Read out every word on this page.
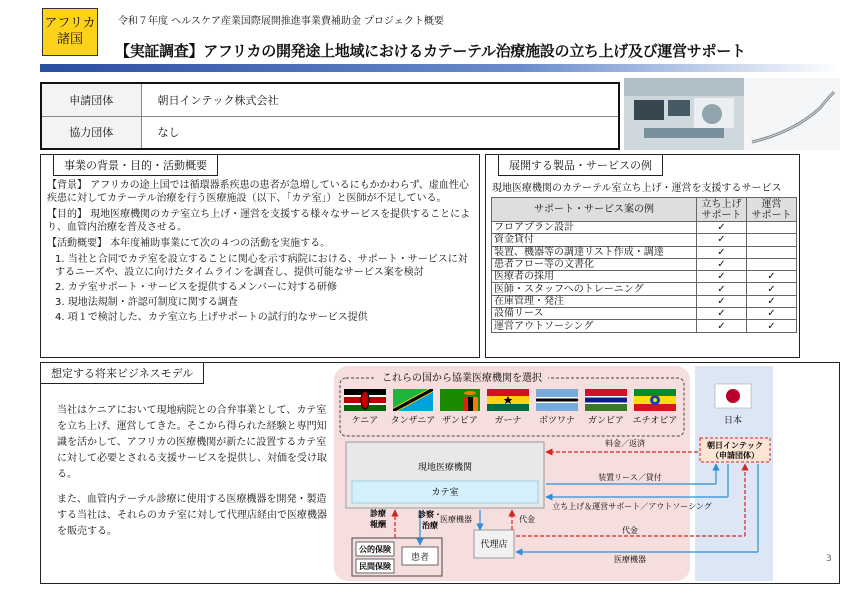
アフリカ
諸国
令和７年度 ヘルスケア産業国際展開推進事業費補助金 プロジェクト概要
【実証調査】アフリカの開発途上地域におけるカテーテル治療施設の立ち上げ及び運営サポート
申請団体	朝日インテック株式会社
協力団体	なし
事業の背景・目的・活動概要

【背景】 アフリカの途上国では循環器系疾患の患者が急増しているにもかかわらず、虚血性心疾患に対してカテーテル治療を行う医療施設（以下、「カテ室」）と医師が不足している。

【目的】 現地医療機関のカテ室立ち上げ・運営を支援する様々なサービスを提供することにより、血管内治療を普及させる。

【活動概要】 本年度補助事業にて次の４つの活動を実施する。

1. 当社と合同でカテ室を設立することに関心を示す病院における、サポート・サービスに対するニーズや、設立に向けたタイムラインを調査し、提供可能なサービス案を検討
2. カテ室サポート・サービスを提供するメンバーに対する研修
3. 現地法規制・許認可制度に関する調査
4. 項１で検討した、カテ室立ち上げサポートの試行的なサービス提供
展開する製品・サービスの例
現地医療機関のカテーテル室立ち上げ・運営を支援するサービス
サポート・サービス案の例	立ち上げ
サポート	運営
サポート
フロアプラン設計	✓	
資金貸付	✓	
装置、機器等の調達リスト作成・調達	✓	
患者フロー等の文書化	✓	
医療者の採用	✓	✓
医師・スタッフへのトレーニング	✓	✓
在庫管理・発注	✓	✓
設備リース	✓	✓
運営アウトソーシング	✓	✓
想定する将来ビジネスモデル

当社はケニアにおいて現地病院との合弁事業として、カテ室を立ち上げ、運営してきた。そこから得られた経験と専門知識を活かして、アフリカの医療機関が新たに設置するカテ室に対して必要とされる支援サービスを提供し、対価を受け取る。

また、血管内テーテル診療に使用する医療機器を開発・製造する当社は、それらのカテ室に対して代理店経由で医療機器を販売する。

これらの国から協業医療機関を選択
ケニア タンザニア ザンビア ガーナ ボツワナ ガンビア エチオピア	日本
朝日インテック
（申請団体）
現地医療機関
カテ室
代理店
公的保険
民間保険
患者
料金／返済
装置リース／貸付
立ち上げ＆運営サポート／アウトソーシング
代金
医療機器
代金
医療機器
診療
報酬
診察・
治療
3
